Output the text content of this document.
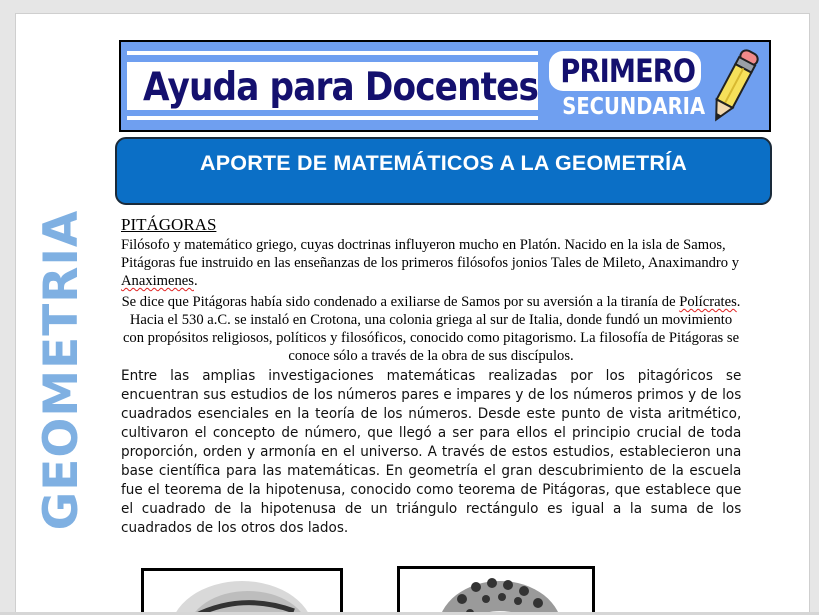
Ayuda para Docentes PRIMERO
SECUNDARIA
APORTE DE MATEMÁTICOS A LA GEOMETRÍA
GEOMETRIA PITÁGORAS
Filósofo y matemático griego, cuyas doctrinas influyeron mucho en Platón. Nacido en la isla de Samos, Pitágoras fue instruido en las enseñanzas de los primeros filósofos jonios Tales de Mileto, Anaximandro y Anaximenes.
Se dice que Pitágoras había sido condenado a exiliarse de Samos por su aversión a la tiranía de Polícrates. Hacia el 530 a.C. se instaló en Crotona, una colonia griega al sur de Italia, donde fundó un movimiento con propósitos religiosos, políticos y filosóficos, conocido como pitagorismo. La filosofía de Pitágoras se conoce sólo a través de la obra de sus discípulos.
Entre las amplias investigaciones matemáticas realizadas por los pitagóricos se encuentran sus estudios de los números pares e impares y de los números primos y de los cuadrados esenciales en la teoría de los números. Desde este punto de vista aritmético, cultivaron el concepto de número, que llegó a ser para ellos el principio crucial de toda proporción, orden y armonía en el universo. A través de estos estudios, establecieron una base científica para las matemáticas. En geometría el gran descubrimiento de la escuela fue el teorema de la hipotenusa, conocido como teorema de Pitágoras, que establece que el cuadrado de la hipotenusa de un triángulo rectángulo es igual a la suma de los cuadrados de los otros dos lados.
